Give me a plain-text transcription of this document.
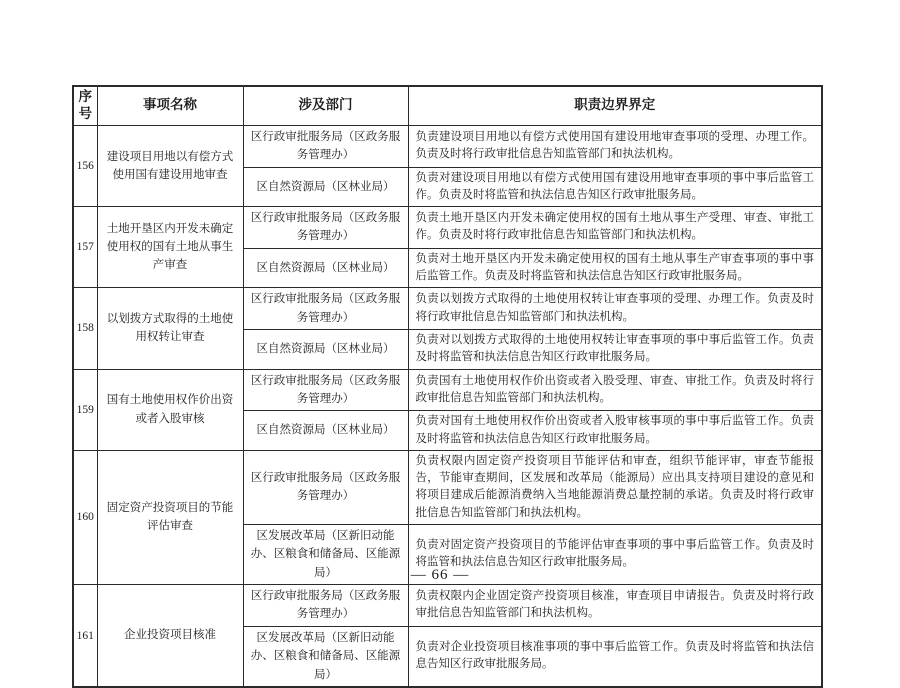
序号	事项名称	涉及部门	职责边界界定
156	建设项目用地以有偿方式使用国有建设用地审查	区行政审批服务局（区政务服务管理办）	负责建设项目用地以有偿方式使用国有建设用地审查事项的受理、办理工作。负责及时将行政审批信息告知监管部门和执法机构。
		区自然资源局（区林业局）	负责对建设项目用地以有偿方式使用国有建设用地审查事项的事中事后监管工作。负责及时将监管和执法信息告知区行政审批服务局。
157	土地开垦区内开发未确定使用权的国有土地从事生产审查	区行政审批服务局（区政务服务管理办）	负责土地开垦区内开发未确定使用权的国有土地从事生产受理、审查、审批工作。负责及时将行政审批信息告知监管部门和执法机构。
		区自然资源局（区林业局）	负责对土地开垦区内开发未确定使用权的国有土地从事生产审查事项的事中事后监管工作。负责及时将监管和执法信息告知区行政审批服务局。
158	以划拨方式取得的土地使用权转让审查	区行政审批服务局（区政务服务管理办）	负责以划拨方式取得的土地使用权转让审查事项的受理、办理工作。负责及时将行政审批信息告知监管部门和执法机构。
		区自然资源局（区林业局）	负责对以划拨方式取得的土地使用权转让审查事项的事中事后监管工作。负责及时将监管和执法信息告知区行政审批服务局。
159	国有土地使用权作价出资或者入股审核	区行政审批服务局（区政务服务管理办）	负责国有土地使用权作价出资或者入股受理、审查、审批工作。负责及时将行政审批信息告知监管部门和执法机构。
		区自然资源局（区林业局）	负责对国有土地使用权作价出资或者入股审核事项的事中事后监管工作。负责及时将监管和执法信息告知区行政审批服务局。
160	固定资产投资项目的节能评估审查	区行政审批服务局（区政务服务管理办）	负责权限内固定资产投资项目节能评估和审查，组织节能评审，审查节能报告，节能审查期间，区发展和改革局（能源局）应出具支持项目建设的意见和将项目建成后能源消费纳入当地能源消费总量控制的承诺。负责及时将行政审批信息告知监管部门和执法机构。
		区发展改革局（区新旧动能办、区粮食和储备局、区能源局）	负责对固定资产投资项目的节能评估审查事项的事中事后监管工作。负责及时将监管和执法信息告知区行政审批服务局。
161	企业投资项目核准	区行政审批服务局（区政务服务管理办）	负责权限内企业固定资产投资项目核准，审查项目申请报告。负责及时将行政审批信息告知监管部门和执法机构。
		区发展改革局（区新旧动能办、区粮食和储备局、区能源局）	负责对企业投资项目核准事项的事中事后监管工作。负责及时将监管和执法信息告知区行政审批服务局。
— 66 —
